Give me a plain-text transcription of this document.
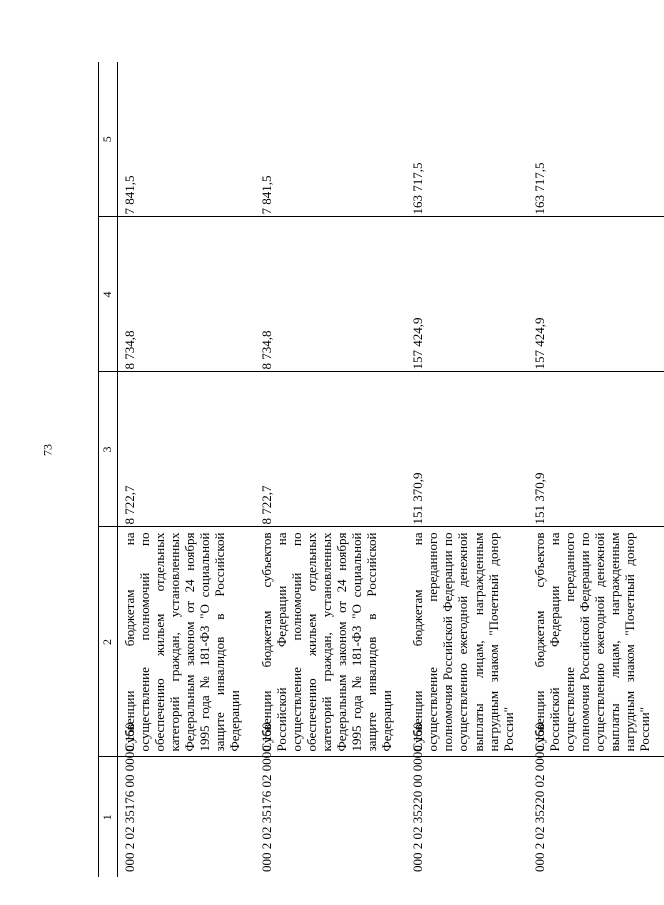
73
1	2	3	4	5
000 2 02 35176 00 0000 150	Субвенции бюджетам на осуществление полномочий по обеспечению жильем отдельных категорий граждан, установленных Федеральным законом от 24 ноября 1995 года № 181-ФЗ "О социальной защите инвалидов в Российской Федерации	8 722,7	8 734,8	7 841,5
000 2 02 35176 02 0000 150	Субвенции бюджетам субъектов Российской Федерации на осуществление полномочий по обеспечению жильем отдельных категорий граждан, установленных Федеральным законом от 24 ноября 1995 года № 181-ФЗ "О социальной защите инвалидов в Российской Федерации	8 722,7	8 734,8	7 841,5
000 2 02 35220 00 0000 150	Субвенции бюджетам на осуществление переданного полномочия Российской Федерации по осуществлению ежегодной денежной выплаты лицам, награжденным нагрудным знаком "Почетный донор России"	151 370,9	157 424,9	163 717,5
000 2 02 35220 02 0000 150	Субвенции бюджетам субъектов Российской Федерации на осуществление переданного полномочия Российской Федерации по осуществлению ежегодной денежной выплаты лицам, награжденным нагрудным знаком "Почетный донор России"	151 370,9	157 424,9	163 717,5
